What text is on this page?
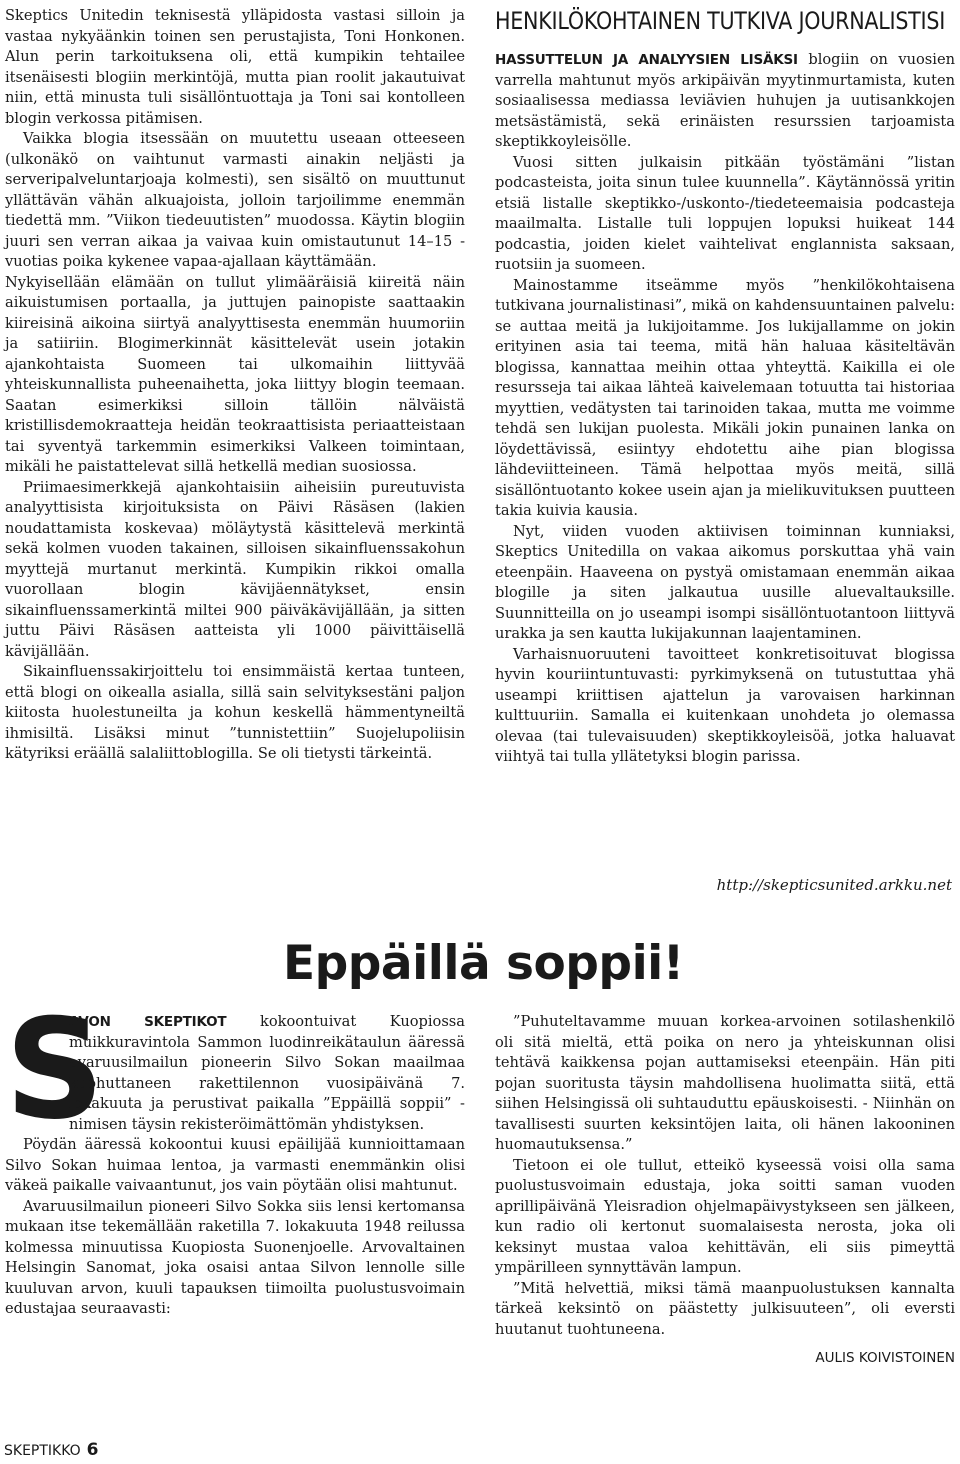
Skeptics Unitedin teknisestä ylläpidosta vastasi silloin ja vastaa nykyäänkin toinen sen perustajista, Toni Honkonen. Alun perin tarkoituksena oli, että kumpikin tehtailee itsenäisesti blogiin merkintöjä, mutta pian roolit jakautuivat niin, että minusta tuli sisällöntuottaja ja Toni sai kontolleen blogin verkossa pitämisen.

Vaikka blogia itsessään on muutettu useaan otteeseen (ulkonäkö on vaihtunut varmasti ainakin neljästi ja serveripalveluntarjoaja kolmesti), sen sisältö on muuttunut yllättävän vähän alkuajoista, jolloin tarjoilimme enemmän tiedettä mm. ”Viikon tiedeuutisten” muodossa. Käytin blogiin juuri sen verran aikaa ja vaivaa kuin omistautunut 14–15 -vuotias poika kykenee vapaa-ajallaan käyttämään.

Nykyisellään elämään on tullut ylimääräisiä kiireitä näin aikuistumisen portaalla, ja juttujen painopiste saattaakin kiireisinä aikoina siirtyä analyyttisesta enemmän huumoriin ja satiiriin. Blogimerkinnät käsittelevät usein jotakin ajankohtaista Suomeen tai ulkomaihin liittyvää yhteiskunnallista puheenaihetta, joka liittyy blogin teemaan. Saatan esimerkiksi silloin tällöin nälväistä kristillisdemokraatteja heidän teokraattisista periaatteistaan tai syventyä tarkemmin esimerkiksi Valkeen toimintaan, mikäli he paistattelevat sillä hetkellä median suosiossa.

Priimaesimerkkejä ajankohtaisiin aiheisiin pureutuvista analyyttisista kirjoituksista on Päivi Räsäsen (lakien noudattamista koskevaa) möläytystä käsittelevä merkintä sekä kolmen vuoden takainen, silloisen sikainfluenssakohun myyttejä murtanut merkintä. Kumpikin rikkoi omalla vuorollaan blogin kävijäennätykset, ensin sikainfluenssamerkintä miltei 900 päiväkävijällään, ja sitten juttu Päivi Räsäsen aatteista yli 1000 päivittäisellä kävijällään.

Sikainfluenssakirjoittelu toi ensimmäistä kertaa tunteen, että blogi on oikealla asialla, sillä sain selvityksestäni paljon kiitosta huolestuneilta ja kohun keskellä hämmentyneiltä ihmisiltä. Lisäksi minut ”tunnistettiin” Suojelupoliisin kätyriksi eräällä salaliittoblogilla. Se oli tietysti tärkeintä.

HENKILÖKOHTAINEN TUTKIVA JOURNALISTISI

HASSUTTELUN JA ANALYYSIEN LISÄKSI blogiin on vuosien varrella mahtunut myös arkipäivän myytinmurtamista, kuten sosiaalisessa mediassa leviävien huhujen ja uutisankkojen metsästämistä, sekä erinäisten resurssien tarjoamista skeptikkoyleisölle.

Vuosi sitten julkaisin pitkään työstämäni ”listan podcasteista, joita sinun tulee kuunnella”. Käytännössä yritin etsiä listalle skeptikko-/uskonto-/tiedeteemaisia podcasteja maailmalta. Listalle tuli loppujen lopuksi huikeat 144 podcastia, joiden kielet vaihtelivat englannista saksaan, ruotsiin ja suomeen.

Mainostamme itseämme myös ”henkilökohtaisena tutkivana journalistinasi”, mikä on kahdensuuntainen palvelu: se auttaa meitä ja lukijoitamme. Jos lukijallamme on jokin erityinen asia tai teema, mitä hän haluaa käsiteltävän blogissa, kannattaa meihin ottaa yhteyttä. Kaikilla ei ole resursseja tai aikaa lähteä kaivelemaan totuutta tai historiaa myyttien, vedätysten tai tarinoiden takaa, mutta me voimme tehdä sen lukijan puolesta. Mikäli jokin punainen lanka on löydettävissä, esiintyy ehdotettu aihe pian blogissa lähdeviitteineen. Tämä helpottaa myös meitä, sillä sisällöntuotanto kokee usein ajan ja mielikuvituksen puutteen takia kuivia kausia.

Nyt, viiden vuoden aktiivisen toiminnan kunniaksi, Skeptics Unitedilla on vakaa aikomus porskuttaa yhä vain eteenpäin. Haaveena on pystyä omistamaan enemmän aikaa blogille ja siten jalkautua uusille aluevaltauksille. Suunnitteilla on jo useampi isompi sisällöntuotantoon liittyvä urakka ja sen kautta lukijakunnan laajentaminen.

Varhaisnuoruuteni tavoitteet konkretisoituvat blogissa hyvin kouriintuntuvasti: pyrkimyksenä on tutustuttaa yhä useampi kriittisen ajattelun ja varovaisen harkinnan kulttuuriin. Samalla ei kuitenkaan unohdeta jo olemassa olevaa (tai tulevaisuuden) skeptikkoyleisöä, jotka haluavat viihtyä tai tulla yllätetyksi blogin parissa.

http://skepticsunited.arkku.net
Eppäillä soppii!

S
AVON SKEPTIKOT kokoontuivat Kuopiossa muikkuravintola Sammon luodinreikätaulun ääressä avaruusilmailun pioneerin Silvo Sokan maailmaa kuohuttaneen rakettilennon vuosipäivänä 7. lokakuuta ja perustivat paikalla ”Eppäillä soppii” -nimisen täysin rekisteröimättömän yhdistyksen.

Pöydän ääressä kokoontui kuusi epäilijää kunnioittamaan Silvo Sokan huimaa lentoa, ja varmasti enemmänkin olisi väkeä paikalle vaivaantunut, jos vain pöytään olisi mahtunut.

Avaruusilmailun pioneeri Silvo Sokka siis lensi kertomansa mukaan itse tekemällään raketilla 7. lokakuuta 1948 reilussa kolmessa minuutissa Kuopiosta Suonenjoelle. Arvovaltainen Helsingin Sanomat, joka osaisi antaa Silvon lennolle sille kuuluvan arvon, kuuli tapauksen tiimoilta puolustusvoimain edustajaa seuraavasti:

”Puhuteltavamme muuan korkea-arvoinen sotilashenkilö oli sitä mieltä, että poika on nero ja yhteiskunnan olisi tehtävä kaikkensa pojan auttamiseksi eteenpäin. Hän piti pojan suoritusta täysin mahdollisena huolimatta siitä, että siihen Helsingissä oli suhtauduttu epäuskoisesti. - Niinhän on tavallisesti suurten keksintöjen laita, oli hänen lakooninen huomautuksensa.”

Tietoon ei ole tullut, etteikö kyseessä voisi olla sama puolustusvoimain edustaja, joka soitti saman vuoden aprillipäivänä Yleisradion ohjelmapäivystykseen sen jälkeen, kun radio oli kertonut suomalaisesta nerosta, joka oli keksinyt mustaa valoa kehittävän, eli siis pimeyttä ympärilleen synnyttävän lampun.

”Mitä helvettiä, miksi tämä maanpuolustuksen kannalta tärkeä keksintö on päästetty julkisuuteen”, oli eversti huutanut tuohtuneena.

AULIS KOIVISTOINEN
SKEPTIKKO 6
